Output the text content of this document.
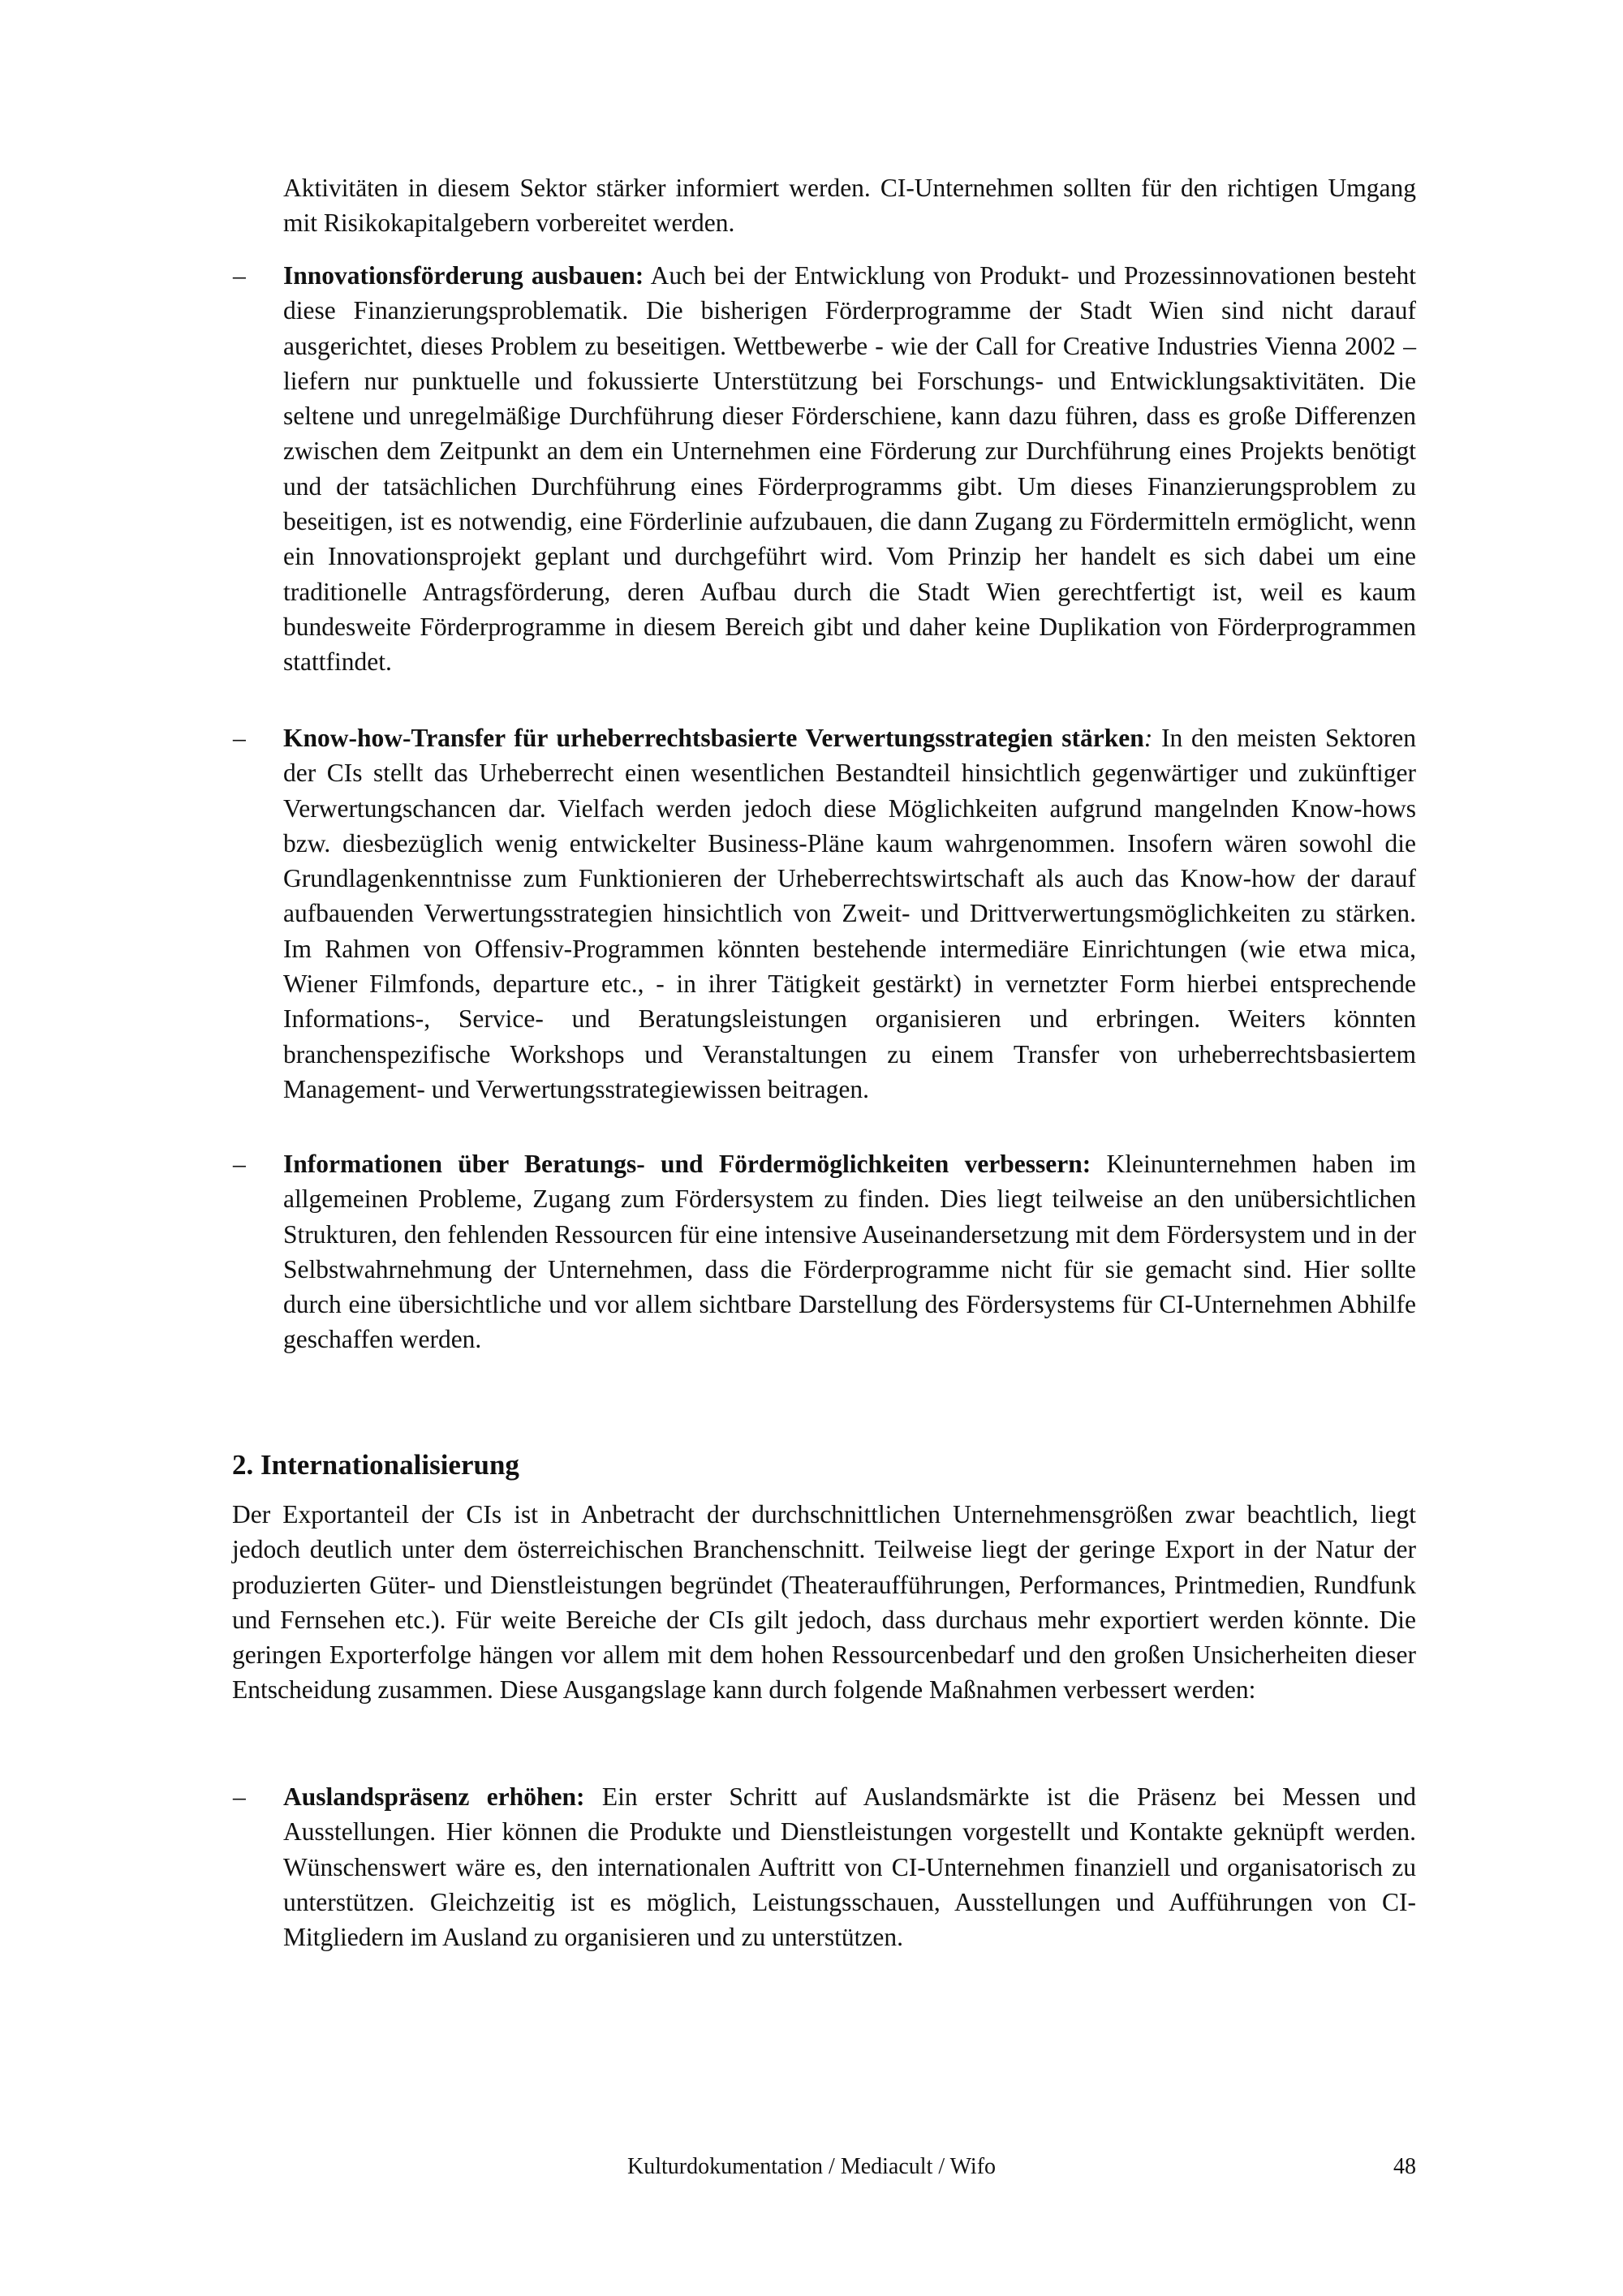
Aktivitäten in diesem Sektor stärker informiert werden. CI-Unternehmen sollten für den richtigen Umgang mit Risikokapitalgebern vorbereitet werden.

–	Innovationsförderung ausbauen: Auch bei der Entwicklung von Produkt- und Prozessinnovationen besteht diese Finanzierungsproblematik. Die bisherigen Förderprogramme der Stadt Wien sind nicht darauf ausgerichtet, dieses Problem zu beseitigen. Wettbewerbe - wie der Call for Creative Industries Vienna 2002 – liefern nur punktuelle und fokussierte Unterstützung bei Forschungs- und Entwicklungsaktivitäten. Die seltene und unregelmäßige Durchführung dieser Förderschiene, kann dazu führen, dass es große Differenzen zwischen dem Zeitpunkt an dem ein Unternehmen eine Förderung zur Durchführung eines Projekts benötigt und der tatsächlichen Durchführung eines Förderprogramms gibt. Um dieses Finanzierungsproblem zu beseitigen, ist es notwendig, eine Förderlinie aufzubauen, die dann Zugang zu Fördermitteln ermöglicht, wenn ein Innovationsprojekt geplant und durchgeführt wird. Vom Prinzip her handelt es sich dabei um eine traditionelle Antragsförderung, deren Aufbau durch die Stadt Wien gerechtfertigt ist, weil es kaum bundesweite Förderprogramme in diesem Bereich gibt und daher keine Duplikation von Förderprogrammen stattfindet.
–	Know-how-Transfer für urheberrechtsbasierte Verwertungsstrategien stärken: In den meisten Sektoren der CIs stellt das Urheberrecht einen wesentlichen Bestandteil hinsichtlich gegenwärtiger und zukünftiger Verwertungschancen dar. Vielfach werden jedoch diese Möglichkeiten aufgrund mangelnden Know-hows bzw. diesbezüglich wenig entwickelter Business-Pläne kaum wahrgenommen. Insofern wären sowohl die Grundlagenkenntnisse zum Funktionieren der Urheberrechtswirtschaft als auch das Know-how der darauf aufbauenden Verwertungsstrategien hinsichtlich von Zweit- und Drittverwertungsmöglichkeiten zu stärken. Im Rahmen von Offensiv-Programmen könnten bestehende intermediäre Einrichtungen (wie etwa mica, Wiener Filmfonds, departure etc., - in ihrer Tätigkeit gestärkt) in vernetzter Form hierbei entsprechende Informations-, Service- und Beratungsleistungen organisieren und erbringen. Weiters könnten branchenspezifische Workshops und Veranstaltungen zu einem Transfer von urheberrechtsbasiertem Management- und Verwertungsstrategiewissen beitragen.
–	Informationen über Beratungs- und Fördermöglichkeiten verbessern: Kleinunternehmen haben im allgemeinen Probleme, Zugang zum Fördersystem zu finden. Dies liegt teilweise an den unübersichtlichen Strukturen, den fehlenden Ressourcen für eine intensive Auseinandersetzung mit dem Fördersystem und in der Selbstwahrnehmung der Unternehmen, dass die Förderprogramme nicht für sie gemacht sind. Hier sollte durch eine übersichtliche und vor allem sichtbare Darstellung des Fördersystems für CI-Unternehmen Abhilfe geschaffen werden.
2. Internationalisierung

Der Exportanteil der CIs ist in Anbetracht der durchschnittlichen Unternehmensgrößen zwar beachtlich, liegt jedoch deutlich unter dem österreichischen Branchenschnitt. Teilweise liegt der geringe Export in der Natur der produzierten Güter- und Dienstleistungen begründet (Theateraufführungen, Performances, Printmedien, Rundfunk und Fernsehen etc.). Für weite Bereiche der CIs gilt jedoch, dass durchaus mehr exportiert werden könnte. Die geringen Exporterfolge hängen vor allem mit dem hohen Ressourcenbedarf und den großen Unsicherheiten dieser Entscheidung zusammen. Diese Ausgangslage kann durch folgende Maßnahmen verbessert werden:

–	Auslandspräsenz erhöhen: Ein erster Schritt auf Auslandsmärkte ist die Präsenz bei Messen und Ausstellungen. Hier können die Produkte und Dienstleistungen vorgestellt und Kontakte geknüpft werden. Wünschenswert wäre es, den internationalen Auftritt von CI-Unternehmen finanziell und organisatorisch zu unterstützen. Gleichzeitig ist es möglich, Leistungsschauen, Ausstellungen und Aufführungen von CI-Mitgliedern im Ausland zu organisieren und zu unterstützen.
Kulturdokumentation / Mediacult / Wifo	48
